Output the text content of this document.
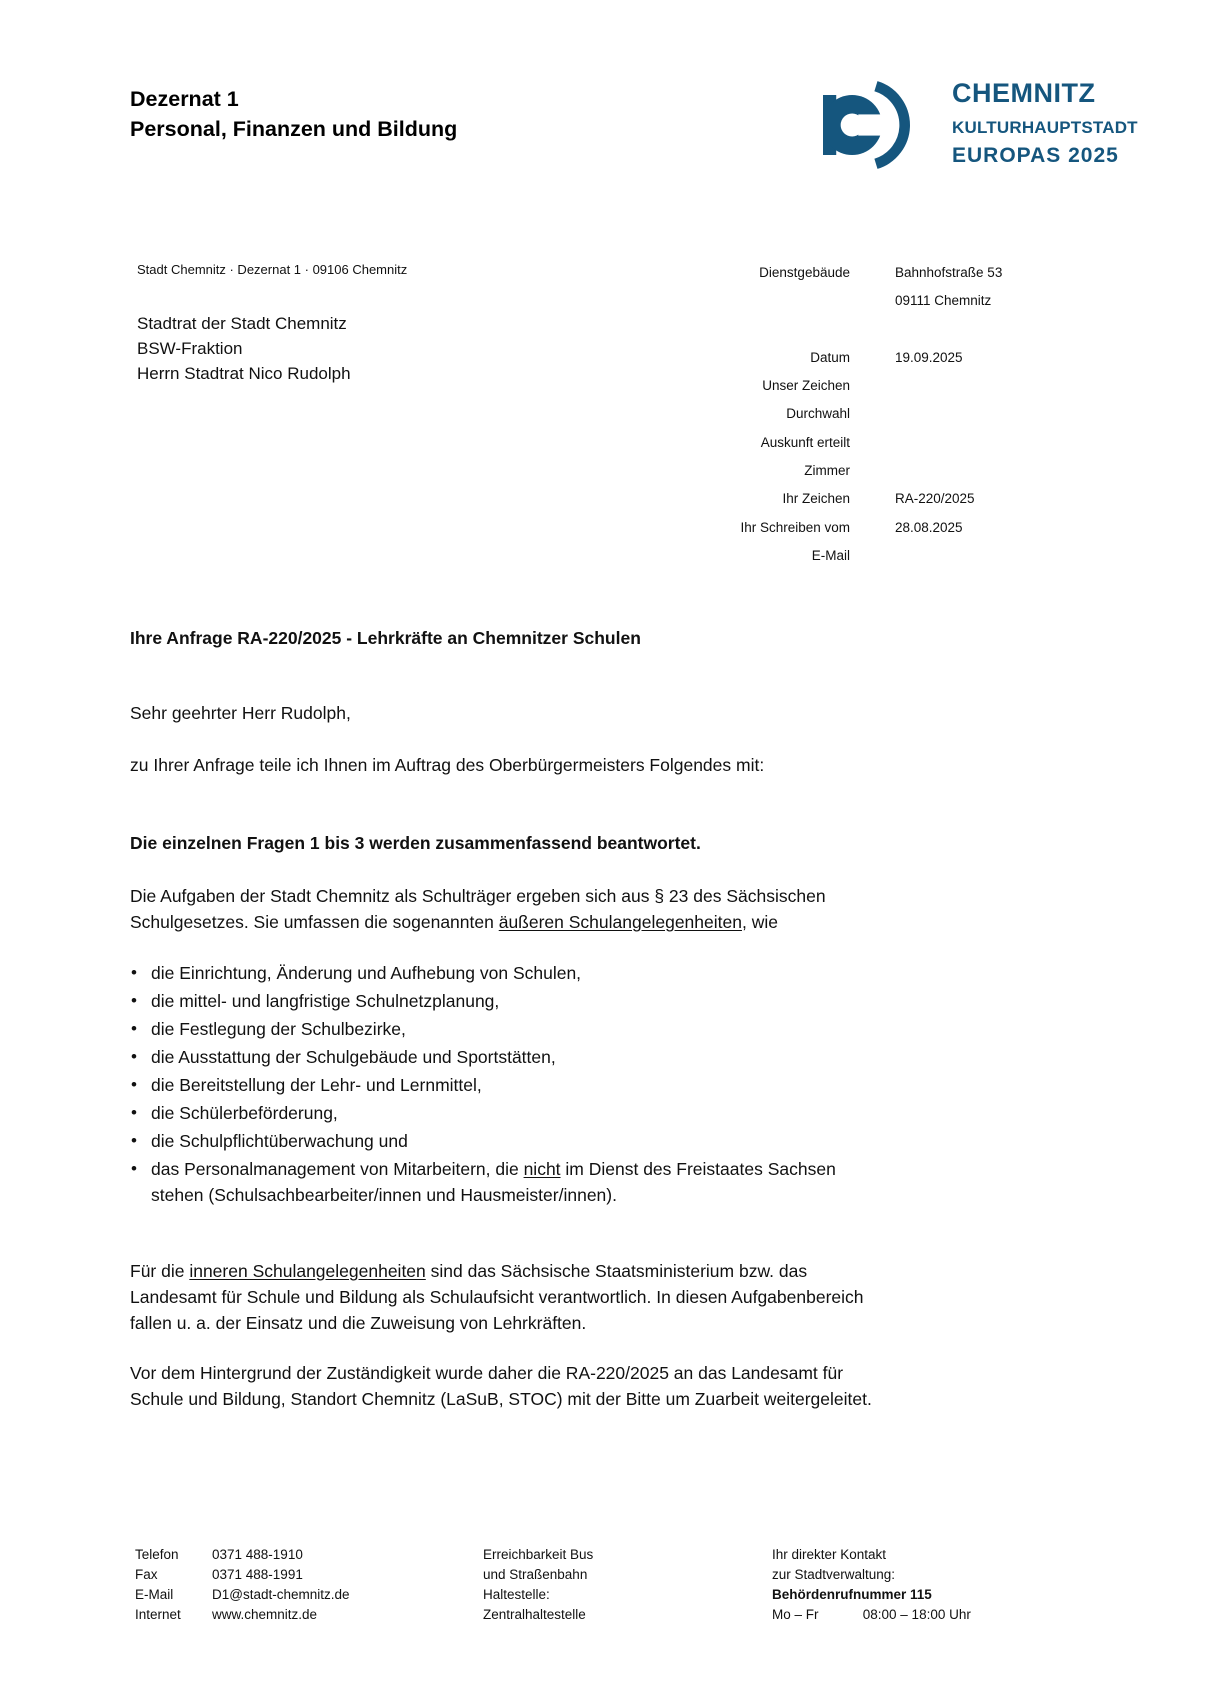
Dezernat 1
Personal, Finanzen und Bildung
CHEMNITZ
KULTURHAUPTSTADT
EUROPAS 2025
Stadt Chemnitz · Dezernat 1 · 09106 Chemnitz
Stadtrat der Stadt Chemnitz
BSW-Fraktion
Herrn Stadtrat Nico Rudolph
Dienstgebäude	Bahnhofstraße 53
09111 Chemnitz
Datum	19.09.2025
Unser Zeichen
Durchwahl
Auskunft erteilt
Zimmer
Ihr Zeichen	RA-220/2025
Ihr Schreiben vom	28.08.2025
E-Mail
Ihre Anfrage RA-220/2025 - Lehrkräfte an Chemnitzer Schulen
Sehr geehrter Herr Rudolph,
zu Ihrer Anfrage teile ich Ihnen im Auftrag des Oberbürgermeisters Folgendes mit:
Die einzelnen Fragen 1 bis 3 werden zusammenfassend beantwortet.
Die Aufgaben der Stadt Chemnitz als Schulträger ergeben sich aus § 23 des Sächsischen
Schulgesetzes. Sie umfassen die sogenannten äußeren Schulangelegenheiten, wie
• die Einrichtung, Änderung und Aufhebung von Schulen,
• die mittel- und langfristige Schulnetzplanung,
• die Festlegung der Schulbezirke,
• die Ausstattung der Schulgebäude und Sportstätten,
• die Bereitstellung der Lehr- und Lernmittel,
• die Schülerbeförderung,
• die Schulpflichtüberwachung und
• das Personalmanagement von Mitarbeitern, die nicht im Dienst des Freistaates Sachsen
stehen (Schulsachbearbeiter/innen und Hausmeister/innen).
Für die inneren Schulangelegenheiten sind das Sächsische Staatsministerium bzw. das
Landesamt für Schule und Bildung als Schulaufsicht verantwortlich. In diesen Aufgabenbereich
fallen u. a. der Einsatz und die Zuweisung von Lehrkräften.
Vor dem Hintergrund der Zuständigkeit wurde daher die RA-220/2025 an das Landesamt für
Schule und Bildung, Standort Chemnitz (LaSuB, STOC) mit der Bitte um Zuarbeit weitergeleitet.
Telefon	0371 488-1910
Fax	0371 488-1991
E-Mail	D1@stadt-chemnitz.de
Internet	www.chemnitz.de
Erreichbarkeit Bus
und Straßenbahn
Haltestelle:
Zentralhaltestelle
Ihr direkter Kontakt
zur Stadtverwaltung:
Behördenrufnummer 115
Mo – Fr	08:00 – 18:00 Uhr
